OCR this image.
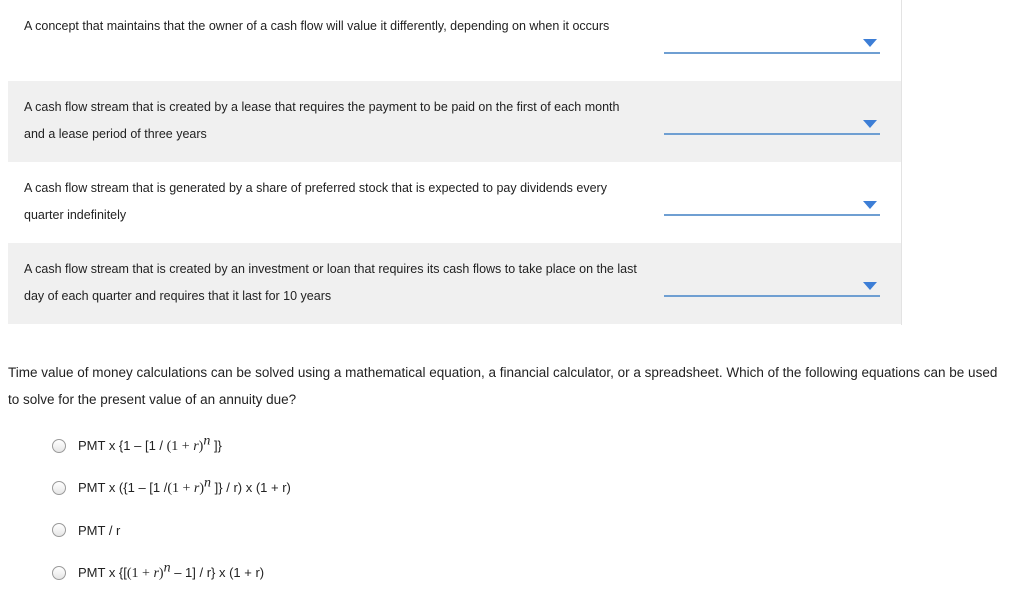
A concept that maintains that the owner of a cash flow will value it differently, depending on when it occurs
A cash flow stream that is created by a lease that requires the payment to be paid on the first of each month and a lease period of three years
A cash flow stream that is generated by a share of preferred stock that is expected to pay dividends every quarter indefinitely
A cash flow stream that is created by an investment or loan that requires its cash flows to take place on the last day of each quarter and requires that it last for 10 years
Time value of money calculations can be solved using a mathematical equation, a financial calculator, or a spreadsheet. Which of the following equations can be used to solve for the present value of an annuity due?
PMT x {$1 - [1 / (1 + r)^n$ ]}
PMT x ({1 – [1 $/(1 + r)^n$ ]} / r) x (1 + r)
PMT / r
PMT x $\{[(1 + r)^n - 1] / r\}$ x (1 + r)
